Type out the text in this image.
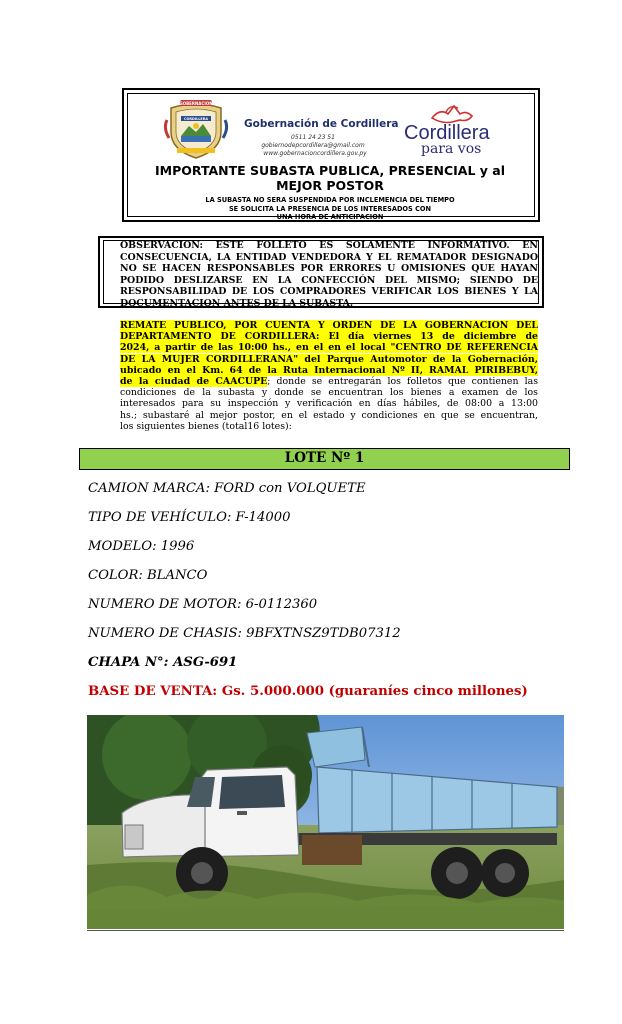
GOBERNACION
CORDILLERA	Gobernación de Cordillera
0511 24 23 51
gobiernodepcordillera@gmail.com
www.gobernacioncordillera.gov.py
Cordillera
para vos
IMPORTANTE SUBASTA PUBLICA, PRESENCIAL y al
MEJOR POSTOR
LA SUBASTA NO SERA SUSPENDIDA POR INCLEMENCIA DEL TIEMPO
SE SOLICITA LA PRESENCIA DE LOS INTERESADOS CON
UNA HORA DE ANTICIPACION
OBSERVACION: ESTE FOLLETO ES SOLAMENTE INFORMATIVO. EN
CONSECUENCIA, LA ENTIDAD VENDEDORA Y EL REMATADOR DESIGNADO
NO SE HACEN RESPONSABLES POR ERRORES U OMISIONES QUE HAYAN
PODIDO DESLIZARSE EN LA CONFECCIÓN DEL MISMO; SIENDO DE
RESPONSABILIDAD DE LOS COMPRADORES VERIFICAR LOS BIENES Y LA
DOCUMENTACION ANTES DE LA SUBASTA.
REMATE PUBLICO, POR CUENTA Y ORDEN DE LA GOBERNACION DEL
DEPARTAMENTO DE CORDILLERA: El día viernes 13 de diciembre de
2024, a partir de las 10:00 hs., en el en el local "CENTRO DE REFERENCIA
DE LA MUJER CORDILLERANA" del Parque Automotor de la Gobernación,
ubicado en el Km. 64 de la Ruta Internacional Nº II, RAMAL PIRIBEBUY,
de la ciudad de CAACUPE; donde se entregarán los folletos que contienen las
condiciones de la subasta y donde se encuentran los bienes a examen de los
interesados para su inspección y verificación en días hábiles, de 08:00 a 13:00
hs.; subastaré al mejor postor, en el estado y condiciones en que se encuentran,
los siguientes bienes (total16 lotes):
LOTE Nº 1
CAMION MARCA: FORD con VOLQUETE
TIPO DE VEHÍCULO: F-14000
MODELO: 1996
COLOR: BLANCO
NUMERO DE MOTOR: 6-0112360
NUMERO DE CHASIS: 9BFXTNSZ9TDB07312
CHAPA N°: ASG-691
BASE DE VENTA: Gs. 5.000.000 (guaraníes cinco millones)
